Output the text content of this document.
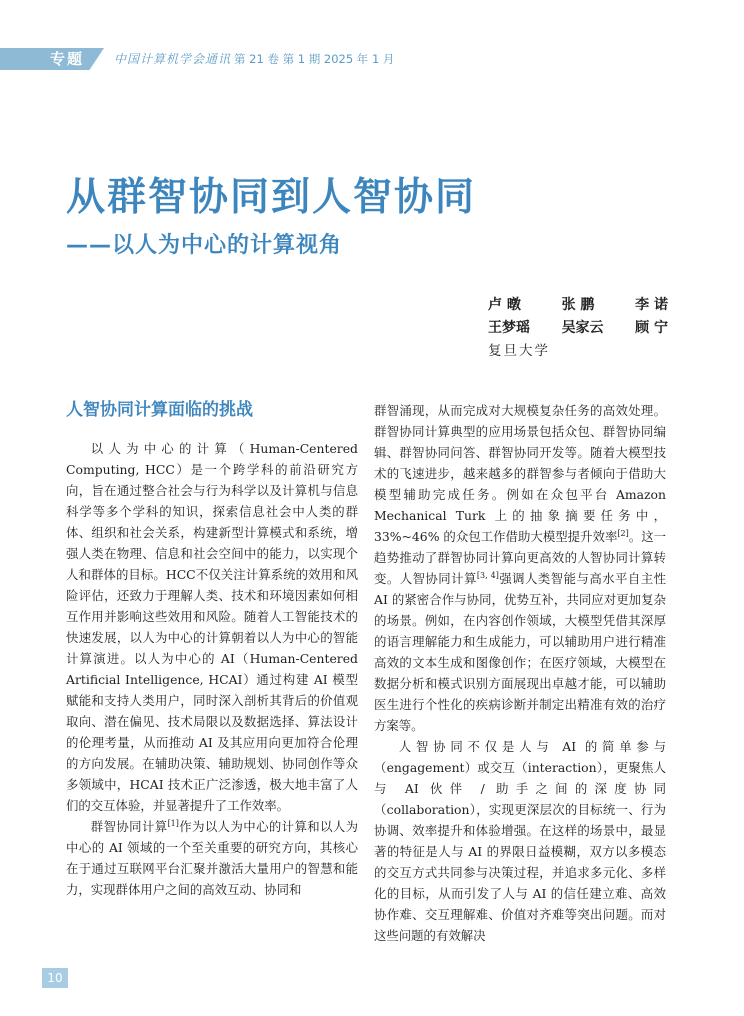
专题 中国计算机学会通讯 第 21 卷 第 1 期 2025 年 1 月
从群智协同到人智协同
——以人为中心的计算视角
卢 暾	张 鹏	李 诺
王梦瑶 吴家云 顾 宁
复旦大学
人智协同计算面临的挑战

以人为中心的计算（Human-Centered Computing, HCC）是一个跨学科的前沿研究方向，旨在通过整合社会与行为科学以及计算机与信息科学等多个学科的知识，探索信息社会中人类的群体、组织和社会关系，构建新型计算模式和系统，增强人类在物理、信息和社会空间中的能力，以实现个人和群体的目标。HCC不仅关注计算系统的效用和风险评估，还致力于理解人类、技术和环境因素如何相互作用并影响这些效用和风险。随着人工智能技术的快速发展，以人为中心的计算朝着以人为中心的智能计算演进。以人为中心的 AI（Human-Centered Artificial Intelligence, HCAI）通过构建 AI 模型赋能和支持人类用户，同时深入剖析其背后的价值观取向、潜在偏见、技术局限以及数据选择、算法设计的伦理考量，从而推动 AI 及其应用向更加符合伦理的方向发展。在辅助决策、辅助规划、协同创作等众多领域中，HCAI 技术正广泛渗透，极大地丰富了人们的交互体验，并显著提升了工作效率。

群智协同计算[1]作为以人为中心的计算和以人为中心的 AI 领域的一个至关重要的研究方向，其核心在于通过互联网平台汇聚并激活大量用户的智慧和能力，实现群体用户之间的高效互动、协同和

群智涌现，从而完成对大规模复杂任务的高效处理。群智协同计算典型的应用场景包括众包、群智协同编辑、群智协同问答、群智协同开发等。随着大模型技术的飞速进步，越来越多的群智参与者倾向于借助大模型辅助完成任务。例如在众包平台 Amazon Mechanical Turk 上的抽象摘要任务中，33%~46% 的众包工作借助大模型提升效率[2]。这一趋势推动了群智协同计算向更高效的人智协同计算转变。人智协同计算[3, 4]强调人类智能与高水平自主性 AI 的紧密合作与协同，优势互补，共同应对更加复杂的场景。例如，在内容创作领域，大模型凭借其深厚的语言理解能力和生成能力，可以辅助用户进行精准高效的文本生成和图像创作；在医疗领域，大模型在数据分析和模式识别方面展现出卓越才能，可以辅助医生进行个性化的疾病诊断并制定出精准有效的治疗方案等。

人智协同不仅是人与 AI 的简单参与（engagement）或交互（interaction），更聚焦人与 AI 伙伴 / 助手之间的深度协同（collaboration），实现更深层次的目标统一、行为协调、效率提升和体验增强。在这样的场景中，最显著的特征是人与 AI 的界限日益模糊，双方以多模态的交互方式共同参与决策过程，并追求多元化、多样化的目标，从而引发了人与 AI 的信任建立难、高效协作难、交互理解难、价值对齐难等突出问题。而对这些问题的有效解决

10
